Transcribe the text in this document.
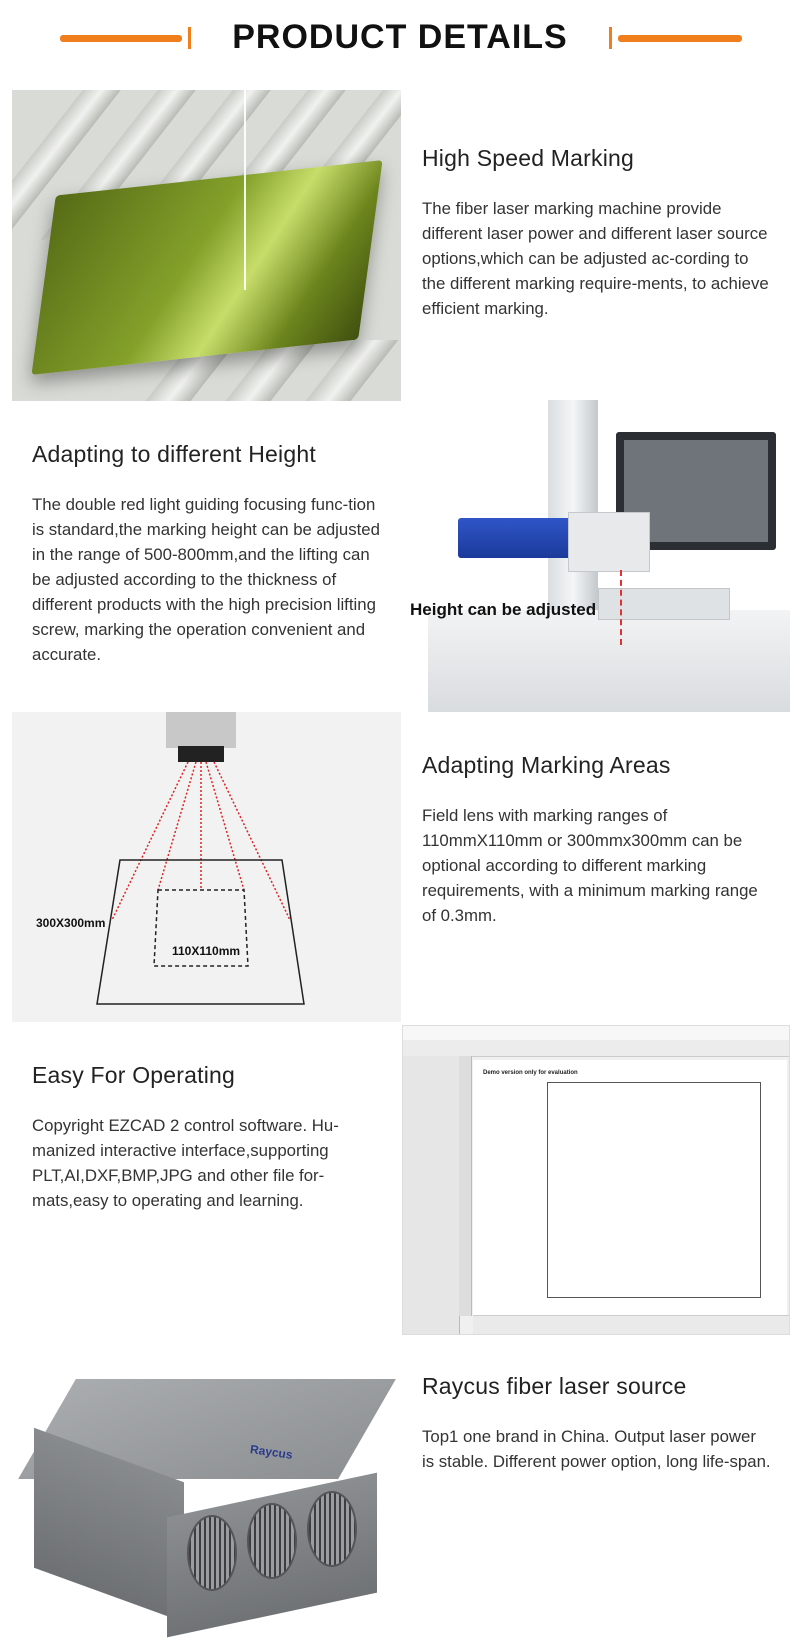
PRODUCT DETAILS
High Speed Marking

The fiber laser marking machine provide different laser power and different laser source options,which can be adjusted ac-cording to the different marking require-ments, to achieve efficient marking.

Adapting to different Height

The double red light guiding focusing func-tion is standard,the marking height can be adjusted in the range of 500-800mm,and the lifting can be adjusted according to the thickness of different products with the high precision lifting screw, marking the operation convenient and accurate.

Height can be adjusted
300X300mm
110X110mm
Adapting Marking Areas

Field lens with marking ranges of 110mmX110mm or 300mmx300mm can be optional according to different marking requirements, with a minimum marking range of 0.3mm.

Easy For Operating

Copyright EZCAD 2 control software. Hu-manized interactive interface,supporting PLT,AI,DXF,BMP,JPG and other file for-mats,easy to operating and learning.

Demo version only for evaluation
Raycus
Raycus fiber laser source

Top1 one brand in China. Output laser power is stable. Different power option, long life-span.
